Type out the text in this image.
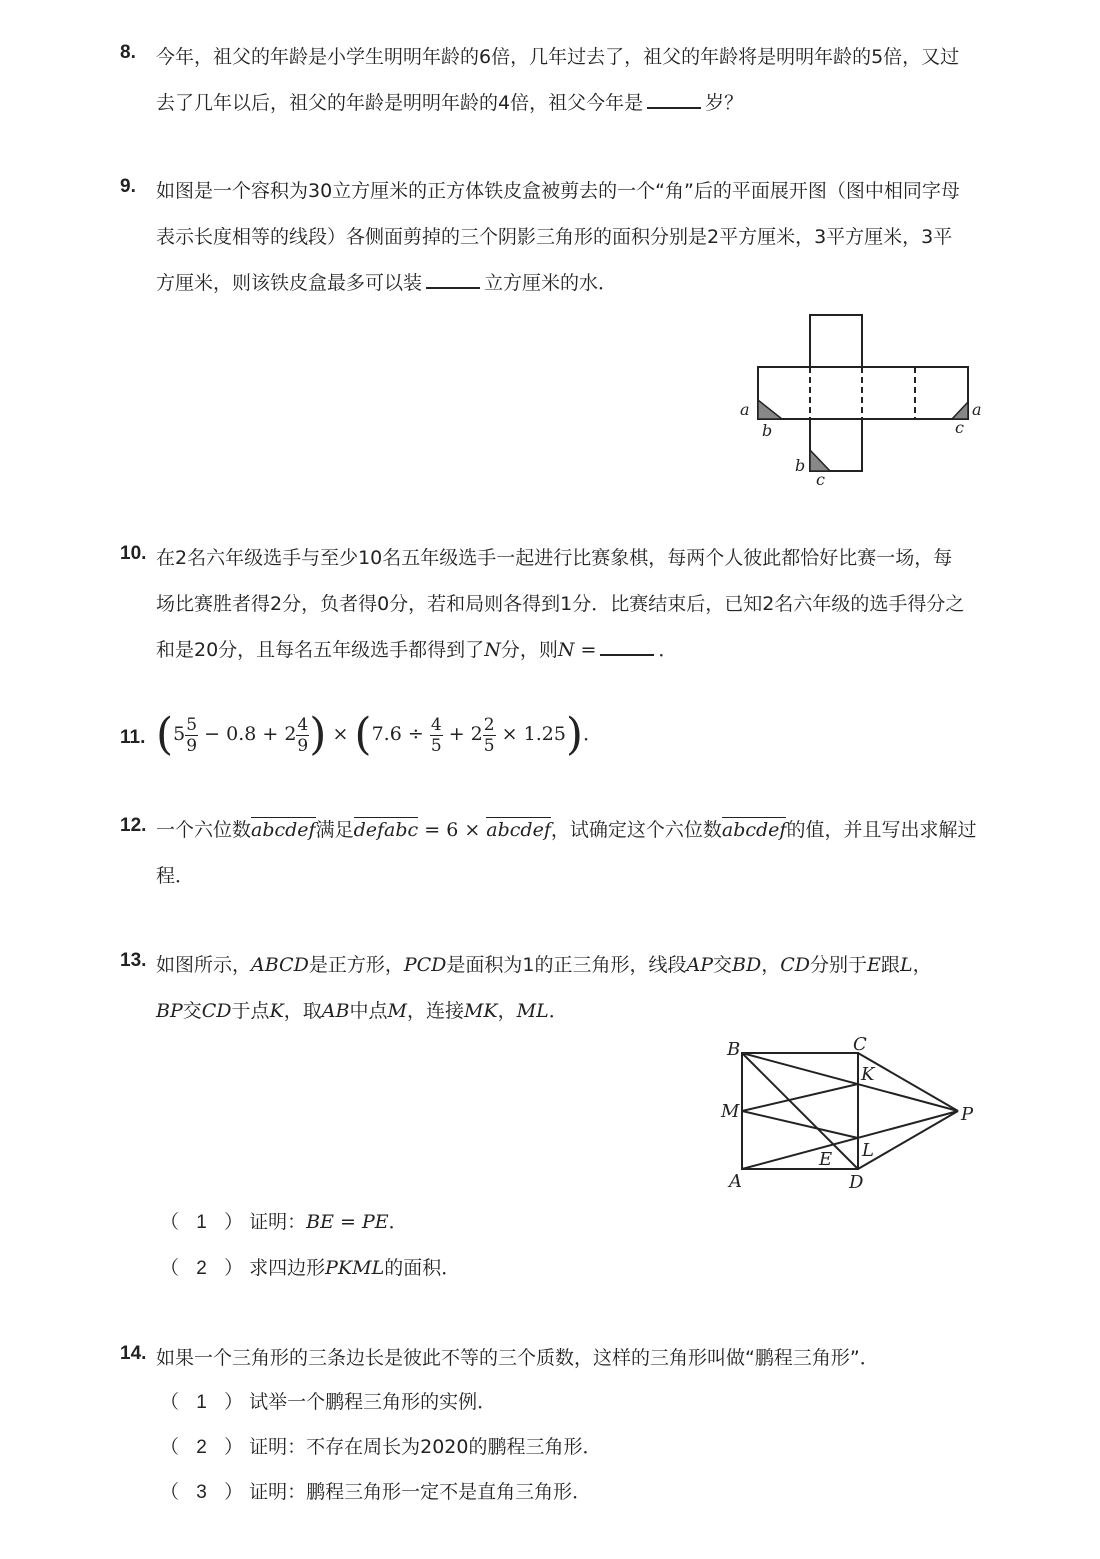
8. 今年，祖父的年龄是小学生明明年龄的6倍，几年过去了，祖父的年龄将是明明年龄的5倍，又过
去了几年以后，祖父的年龄是明明年龄的4倍，祖父今年是	岁？
9. 如图是一个容积为30立方厘米的正方体铁皮盒被剪去的一个“角”后的平面展开图（图中相同字母
表示长度相等的线段）各侧面剪掉的三个阴影三角形的面积分别是2平方厘米，3平方厘米，3平
方厘米，则该铁皮盒最多可以装	立方厘米的水．
a
b
a
c
b
c
10. 在2名六年级选手与至少10名五年级选手一起进行比赛象棋，每两个人彼此都恰好比赛一场，每
场比赛胜者得2分，负者得0分，若和局则各得到1分．比赛结束后，已知2名六年级的选手得分之
和是20分，且每名五年级选手都得到了N分，则N =	．
11. ($5 \frac{5}{9} - 0.8 + 2 \frac{4}{9}$ ) × $(7.6 \div \frac{4}{5} + 2 \frac{2}{5} \times 1.25)$．
12. 一个六位数abcdef满足defabc = 6 × abcdef，试确定这个六位数abcdef的值，并且写出求解过
程．
13. 如图所示，ABCD是正方形，PCD是面积为1的正三角形，线段AP交BD，CD分别于E跟L，
BP交CD于点K，取AB中点M，连接MK，ML．
（ 1 ）证明：BE = PE．
（ 2 ）求四边形PKML的面积．
B	C
K
M	P
L
E
A	D
14. 如果一个三角形的三条边长是彼此不等的三个质数，这样的三角形叫做“鹏程三角形”．
（ 1 ）试举一个鹏程三角形的实例．
（ 2 ）证明：不存在周长为2020的鹏程三角形．
（ 3 ）证明：鹏程三角形一定不是直角三角形．
